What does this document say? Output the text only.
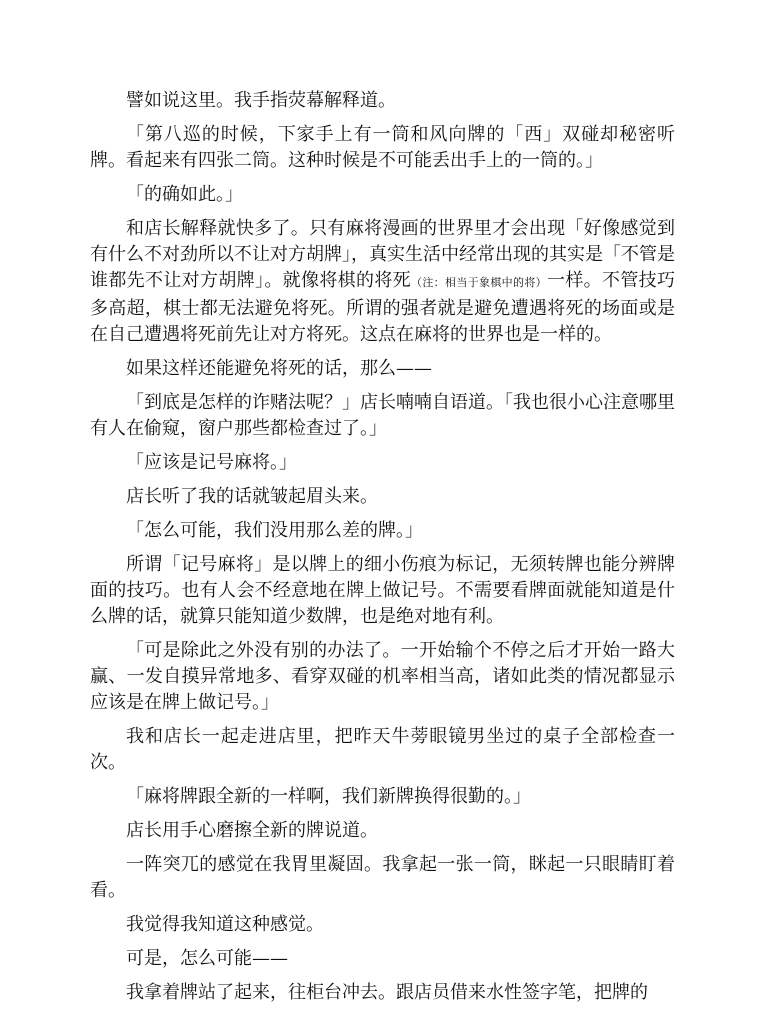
譬如说这里。我手指荧幕解释道。

「第八巡的时候，下家手上有一筒和风向牌的「西」双碰却秘密听牌。看起来有四张二筒。这种时候是不可能丢出手上的一筒的。」

「的确如此。」

和店长解释就快多了。只有麻将漫画的世界里才会出现「好像感觉到有什么不对劲所以不让对方胡牌」，真实生活中经常出现的其实是「不管是谁都先不让对方胡牌」。就像将棋的将死（注：相当于象棋中的将）一样。不管技巧多高超，棋士都无法避免将死。所谓的强者就是避免遭遇将死的场面或是在自己遭遇将死前先让对方将死。这点在麻将的世界也是一样的。

如果这样还能避免将死的话，那么——

「到底是怎样的诈赌法呢？」店长喃喃自语道。「我也很小心注意哪里有人在偷窥，窗户那些都检查过了。」

「应该是记号麻将。」

店长听了我的话就皱起眉头来。

「怎么可能，我们没用那么差的牌。」

所谓「记号麻将」是以牌上的细小伤痕为标记，无须转牌也能分辨牌面的技巧。也有人会不经意地在牌上做记号。不需要看牌面就能知道是什么牌的话，就算只能知道少数牌，也是绝对地有利。

「可是除此之外没有别的办法了。一开始输个不停之后才开始一路大赢、一发自摸异常地多、看穿双碰的机率相当高，诸如此类的情况都显示应该是在牌上做记号。」

我和店长一起走进店里，把昨天牛蒡眼镜男坐过的桌子全部检查一次。

「麻将牌跟全新的一样啊，我们新牌换得很勤的。」

店长用手心磨擦全新的牌说道。

一阵突兀的感觉在我胃里凝固。我拿起一张一筒，眯起一只眼睛盯着看。

我觉得我知道这种感觉。

可是，怎么可能——

我拿着牌站了起来，往柜台冲去。跟店员借来水性签字笔，把牌的
